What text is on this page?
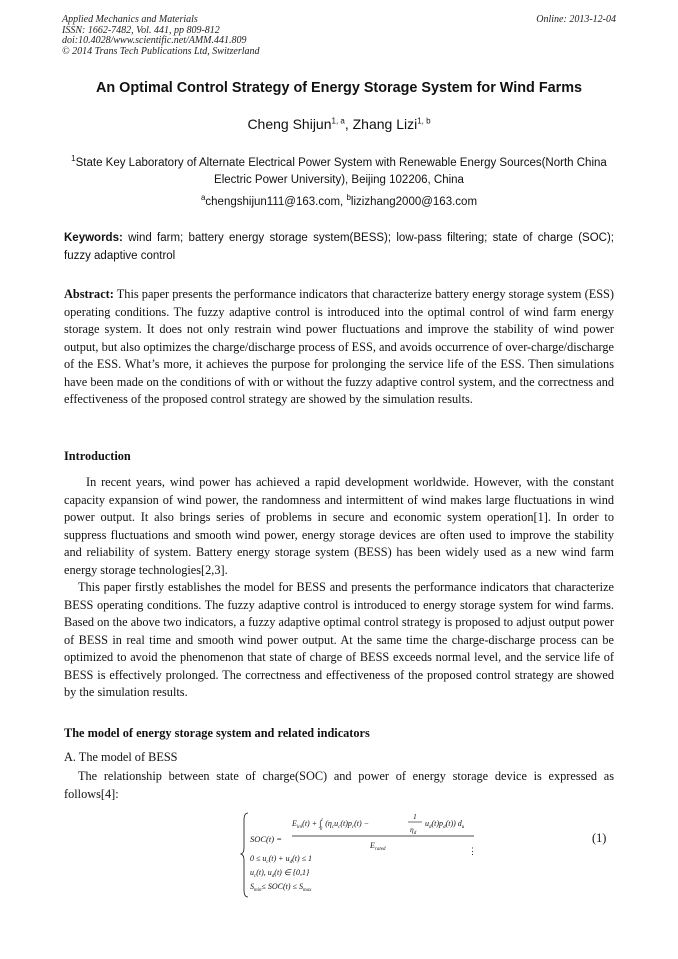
Applied Mechanics and Materials
ISSN: 1662-7482, Vol. 441, pp 809-812
doi:10.4028/www.scientific.net/AMM.441.809
© 2014 Trans Tech Publications Ltd, Switzerland
Online: 2013-12-04
An Optimal Control Strategy of Energy Storage System for Wind Farms
Cheng Shijun$^{1, a}$, Zhang Lizi$^{1, b}$
$^1$State Key Laboratory of Alternate Electrical Power System with Renewable Energy Sources(North China Electric Power University), Beijing 102206, China
$^a$chengshijun111@163.com, $^b$lizizhang2000@163.com
Keywords: wind farm; battery energy storage system(BESS); low-pass filtering; state of charge (SOC); fuzzy adaptive control
Abstract: This paper presents the performance indicators that characterize battery energy storage system (ESS) operating conditions. The fuzzy adaptive control is introduced into the optimal control of wind farm energy storage system. It does not only restrain wind power fluctuations and improve the stability of wind power output, but also optimizes the charge/discharge process of ESS, and avoids occurrence of over-charge/discharge of the ESS. What’s more, it achieves the purpose for prolonging the service life of the ESS. Then simulations have been made on the conditions of with or without the fuzzy adaptive control system, and the correctness and effectiveness of the proposed control strategy are showed by the simulation results.
Introduction

In recent years, wind power has achieved a rapid development worldwide. However, with the constant capacity expansion of wind power, the randomness and intermittent of wind makes large fluctuations in wind power output. It also brings series of problems in secure and economic system operation[1]. In order to suppress fluctuations and smooth wind power, energy storage devices are often used to improve the stability and reliability of system. Battery energy storage system (BESS) has been widely used as a new wind farm energy storage technologies[2,3].

This paper firstly establishes the model for BESS and presents the performance indicators that characterize BESS operating conditions. The fuzzy adaptive control is introduced to energy storage system for wind farms. Based on the above two indicators, a fuzzy adaptive optimal control strategy is proposed to adjust output power of BESS in real time and smooth wind power output. At the same time the charge-discharge process can be optimized to avoid the phenomenon that state of charge of BESS exceeds normal level, and the service life of BESS is effectively prolonged. The correctness and effectiveness of the proposed control strategy are showed by the simulation results.

The model of energy storage system and related indicators
A. The model of BESS

The relationship between state of charge(SOC) and power of energy storage device is expressed as follows[4]:

SOC(t) =
$E_{ini}(t) + \int^t$ $0(\eta_cu_c(t)p_c(t)$ −
1
$\eta_d$
$u_d(t)p_d(t)$) $d_u$
$E_{rated}$	⋮
$0 \le u_c(t) + u_d(t) \le 1$
$u_c(t)$, $u_d(t)$ ∈ {0,1}
$S_{min}\le SOC(t) \le S_{max}$
(1)
